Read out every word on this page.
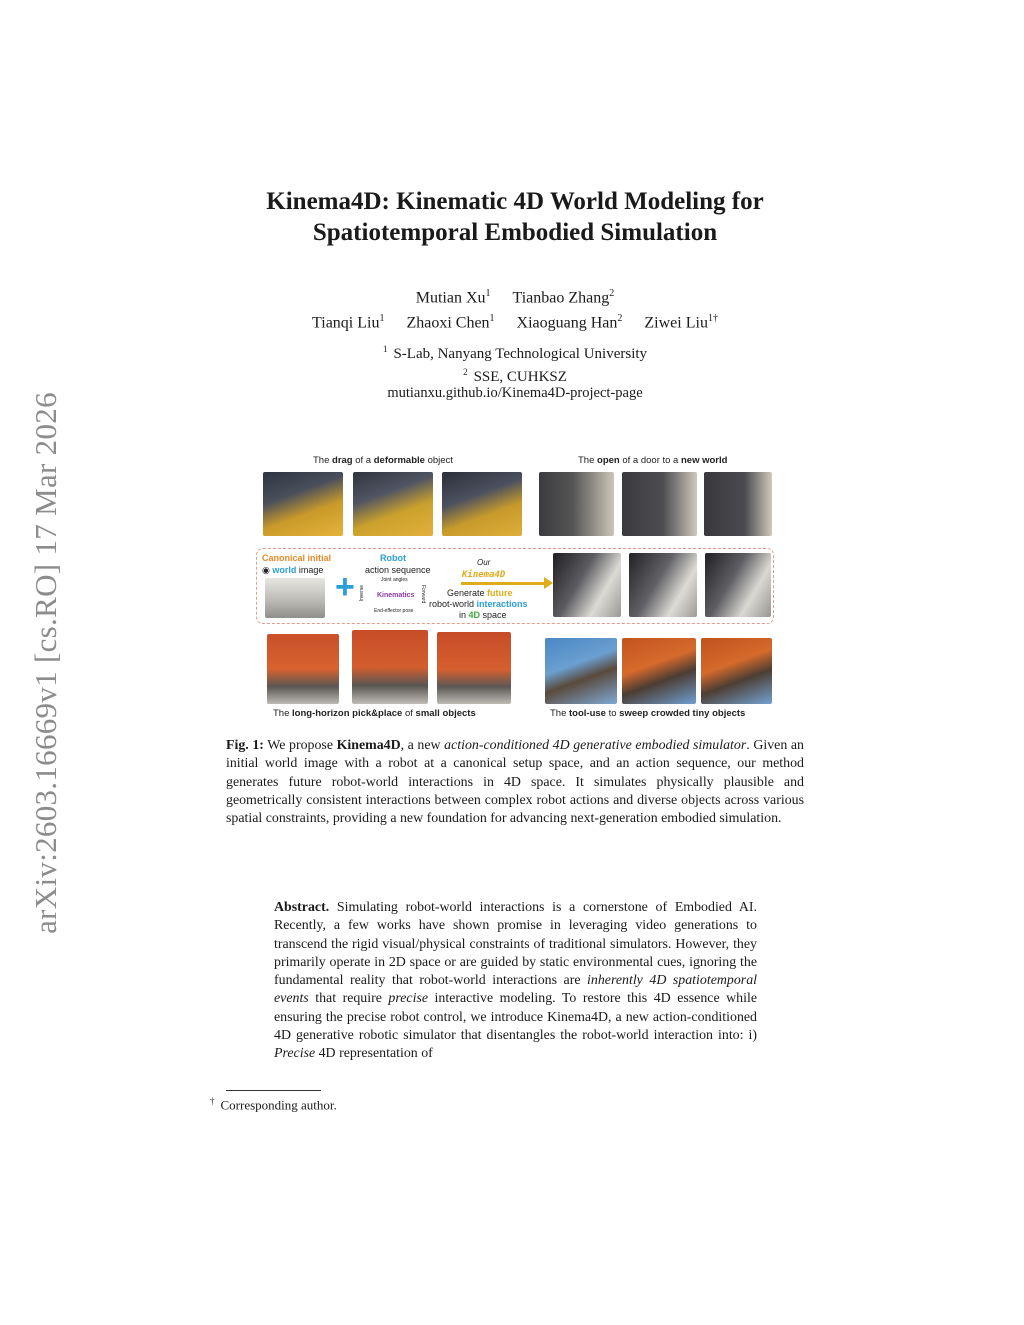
arXiv:2603.16669v1 [cs.RO] 17 Mar 2026
Kinema4D: Kinematic 4D World Modeling for
Spatiotemporal Embodied Simulation
Mutian Xu$^1$ Tianbao Zhang$^2$
Tianqi Liu$^1$ Zhaoxi Chen$^1$ Xiaoguang Han$^2$ Ziwei Liu$^{1\dagger}$
$^1$ S-Lab, Nanyang Technological University
$^2$ SSE, CUHKSZ
mutianxu.github.io/Kinema4D-project-page
The drag of a deformable object	The open of a door to a new world
Canonical initial
◉ world image +
Robot
action sequence
Joint angles
Kinematics
End-effector pose
Inverse	Forward
Our
Kinema4D
Generate future
robot-world interactions
in 4D space
The long-horizon pick&place of small objects	The tool-use to sweep crowded tiny objects
Fig. 1: We propose Kinema4D, a new action-conditioned 4D generative embodied simulator. Given an initial world image with a robot at a canonical setup space, and an action sequence, our method generates future robot-world interactions in 4D space. It simulates physically plausible and geometrically consistent interactions between complex robot actions and diverse objects across various spatial constraints, providing a new foundation for advancing next-generation embodied simulation.
Abstract. Simulating robot-world interactions is a cornerstone of Embodied AI. Recently, a few works have shown promise in leveraging video generations to transcend the rigid visual/physical constraints of traditional simulators. However, they primarily operate in 2D space or are guided by static environmental cues, ignoring the fundamental reality that robot-world interactions are inherently 4D spatiotemporal events that require precise interactive modeling. To restore this 4D essence while ensuring the precise robot control, we introduce Kinema4D, a new action-conditioned 4D generative robotic simulator that disentangles the robot-world interaction into: i) Precise 4D representation of
† Corresponding author.
